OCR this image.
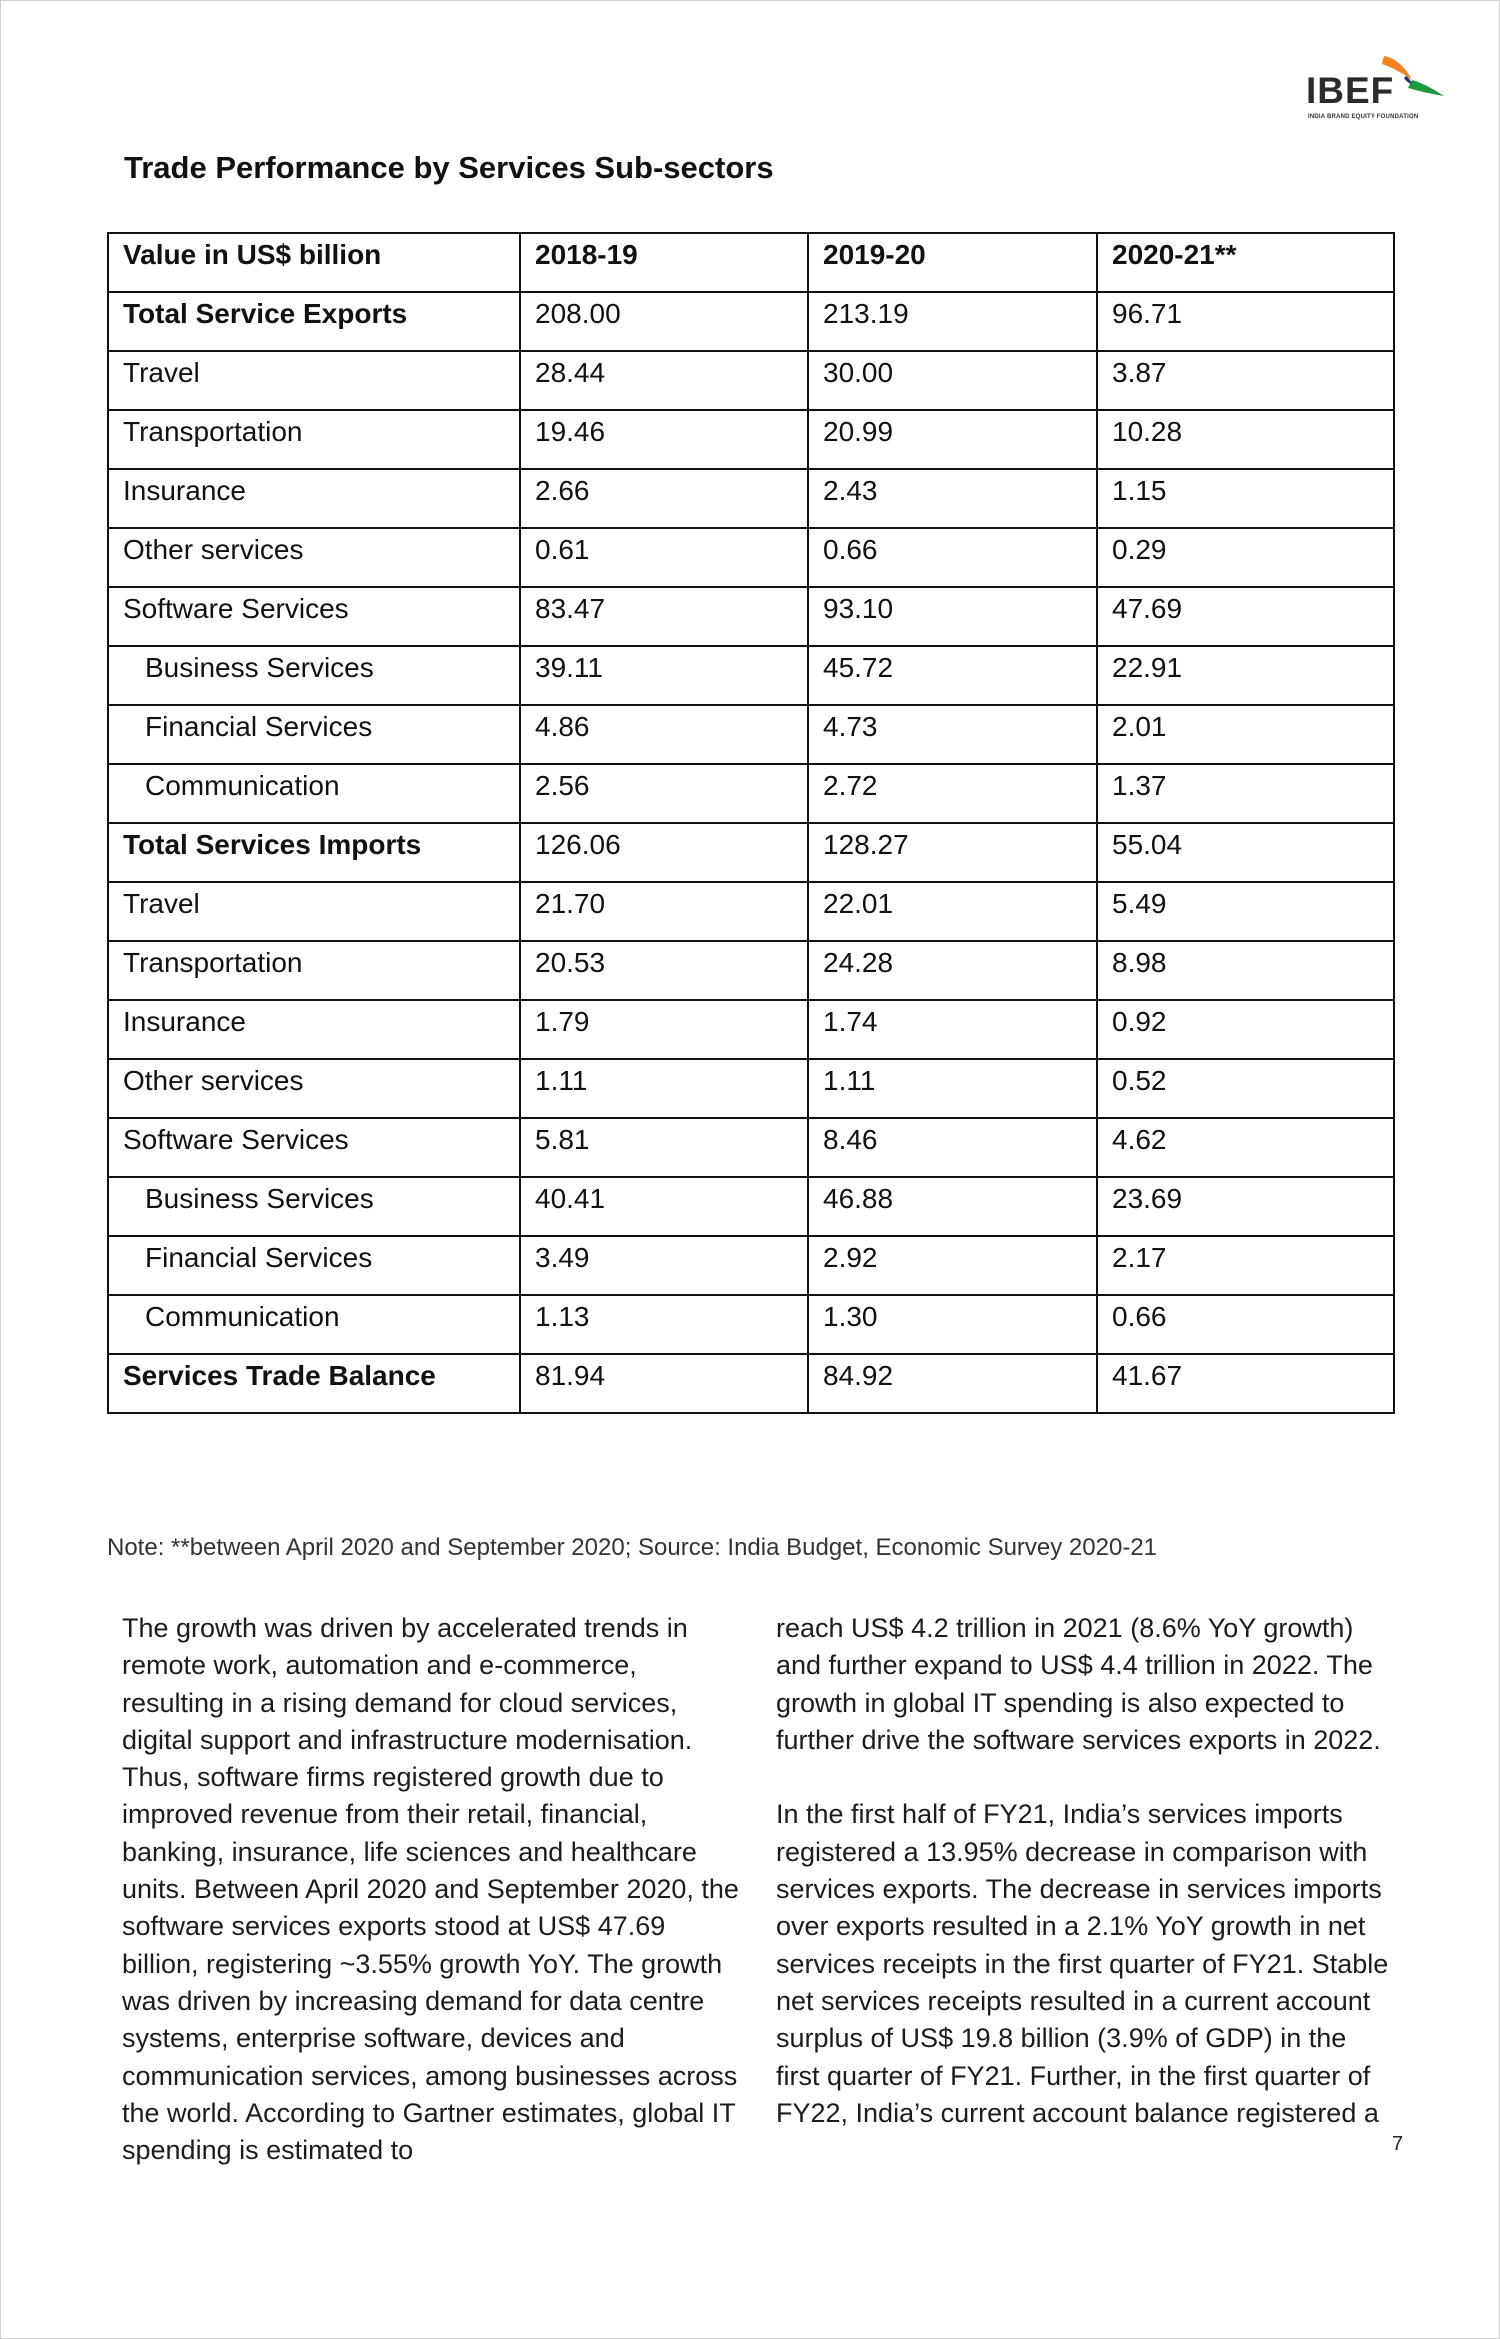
IBEF
INDIA BRAND EQUITY FOUNDATION
Trade Performance by Services Sub-sectors
Value in US$ billion	2018-19	2019-20	2020-21**
Total Service Exports	208.00	213.19	96.71
Travel	28.44	30.00	3.87
Transportation	19.46	20.99	10.28
Insurance	2.66	2.43	1.15
Other services	0.61	0.66	0.29
Software Services	83.47	93.10	47.69
Business Services	39.11	45.72	22.91
Financial Services	4.86	4.73	2.01
Communication	2.56	2.72	1.37
Total Services Imports	126.06	128.27	55.04
Travel	21.70	22.01	5.49
Transportation	20.53	24.28	8.98
Insurance	1.79	1.74	0.92
Other services	1.11	1.11	0.52
Software Services	5.81	8.46	4.62
Business Services	40.41	46.88	23.69
Financial Services	3.49	2.92	2.17
Communication	1.13	1.30	0.66
Services Trade Balance	81.94	84.92	41.67
Note: **between April 2020 and September 2020; Source: India Budget, Economic Survey 2020-21

The growth was driven by accelerated trends in remote work, automation and e-commerce, resulting in a rising demand for cloud services, digital support and infrastructure modernisation. Thus, software firms registered growth due to improved revenue from their retail, financial, banking, insurance, life sciences and healthcare units. Between April 2020 and September 2020, the software services exports stood at US$ 47.69 billion, registering ~3.55% growth YoY. The growth was driven by increasing demand for data centre systems, enterprise software, devices and communication services, among businesses across the world. According to Gartner estimates, global IT spending is estimated to

reach US$ 4.2 trillion in 2021 (8.6% YoY growth) and further expand to US$ 4.4 trillion in 2022. The growth in global IT spending is also expected to further drive the software services exports in 2022.

In the first half of FY21, India’s services imports registered a 13.95% decrease in comparison with services exports. The decrease in services imports over exports resulted in a 2.1% YoY growth in net services receipts in the first quarter of FY21. Stable net services receipts resulted in a current account surplus of US$ 19.8 billion (3.9% of GDP) in the first quarter of FY21. Further, in the first quarter of FY22, India’s current account balance registered a

7
